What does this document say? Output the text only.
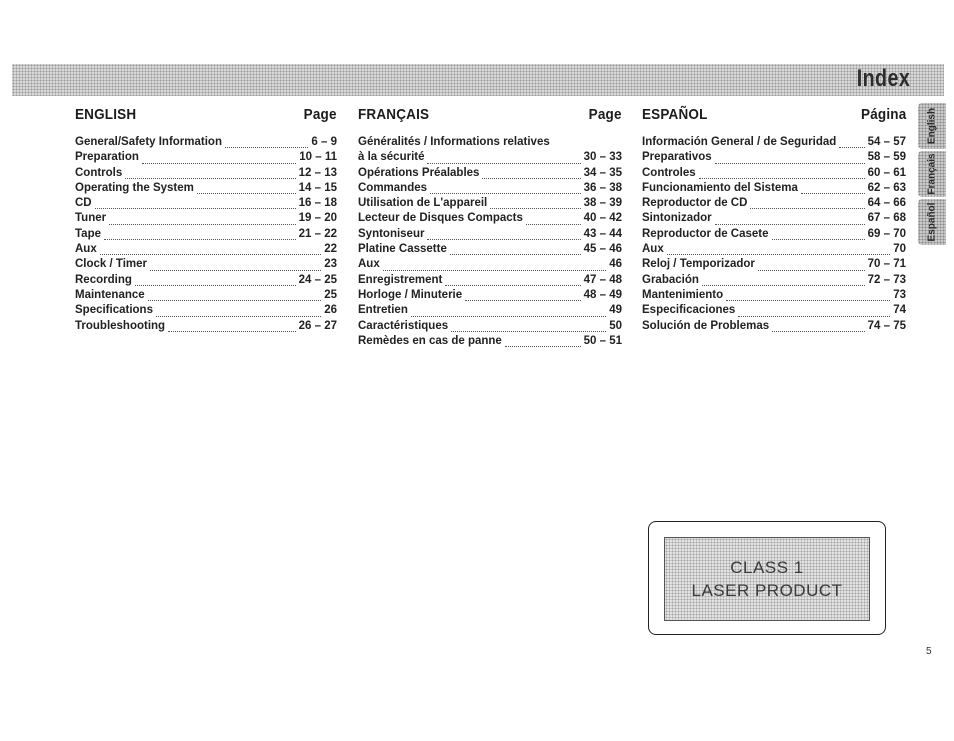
Index
ENGLISH	Page
General/Safety Information	6 – 9
Preparation	10 – 11
Controls	12 – 13
Operating the System	14 – 15
CD	16 – 18
Tuner	19 – 20
Tape	21 – 22
Aux	22
Clock / Timer	23
Recording	24 – 25
Maintenance	25
Specifications	26
Troubleshooting	26 – 27
FRANÇAIS	Page
Généralités / Informations relatives
à la sécurité	30 – 33
Opérations Préalables	34 – 35
Commandes	36 – 38
Utilisation de L'appareil	38 – 39
Lecteur de Disques Compacts	40 – 42
Syntoniseur	43 – 44
Platine Cassette	45 – 46
Aux	46
Enregistrement	47 – 48
Horloge / Minuterie	48 – 49
Entretien	49
Caractéristiques	50
Remèdes en cas de panne	50 – 51
ESPAÑOL	Página
Información General / de Seguridad	54 – 57
Preparativos	58 – 59
Controles	60 – 61
Funcionamiento del Sistema	62 – 63
Reproductor de CD	64 – 66
Sintonizador	67 – 68
Reproductor de Casete	69 – 70
Aux	70
Reloj / Temporizador	70 – 71
Grabación	72 – 73
Mantenimiento	73
Especificaciones	74
Solución de Problemas	74 – 75
English
Français
Español
CLASS 1
LASER PRODUCT
5
